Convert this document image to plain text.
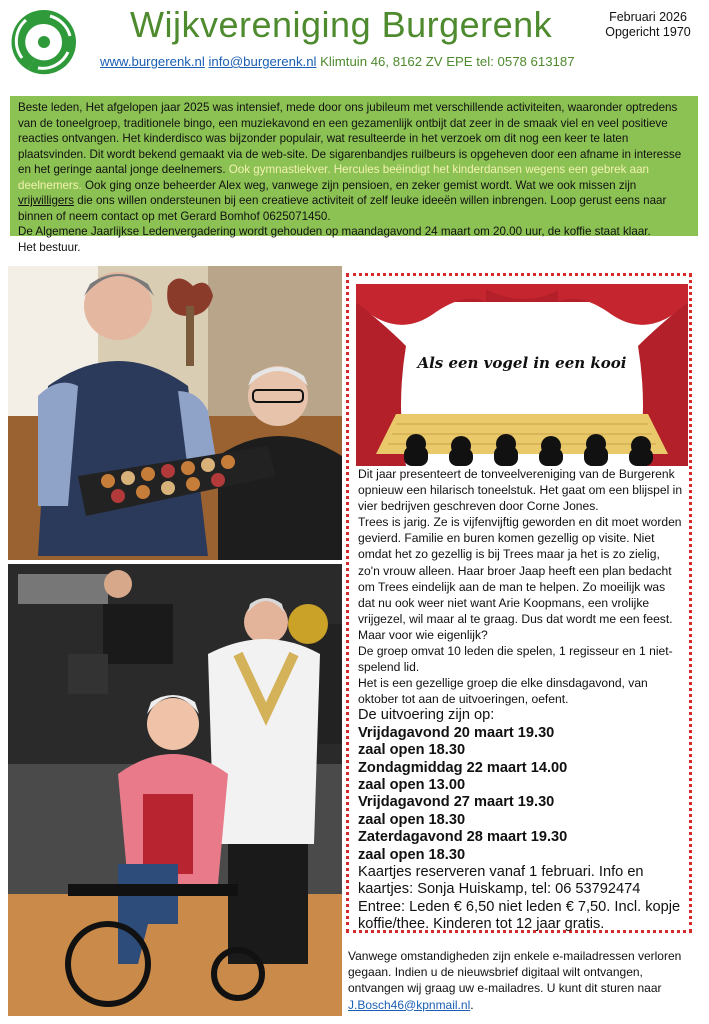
Wijkvereniging Burgerenk	Februari 2026
Opgericht 1970
www.burgerenk.nl info@burgerenk.nl Klimtuin 46, 8162 ZV EPE tel: 0578 613187
Beste leden, Het afgelopen jaar 2025 was intensief, mede door ons jubileum met verschillende activiteiten, waaronder optredens van de toneelgroep, traditionele bingo, een muziekavond en een gezamenlijk ontbijt dat zeer in de smaak viel en veel positieve reacties ontvangen. Het kinderdisco was bijzonder populair, wat resulteerde in het verzoek om dit nog een keer te laten plaatsvinden. Dit wordt bekend gemaakt via de web-site. De sigarenbandjes ruilbeurs is opgeheven door een afname in interesse en het geringe aantal jonge deelnemers. Ook gymnastiekver. Hercules beëindigt het kinderdansen wegens een gebrek aan deelnemers. Ook ging onze beheerder Alex weg, vanwege zijn pensioen, en zeker gemist wordt. Wat we ook missen zijn vrijwilligers die ons willen ondersteunen bij een creatieve activiteit of zelf leuke ideeën willen inbrengen. Loop gerust eens naar binnen of neem contact op met Gerard Bomhof 0625071450.
De Algemene Jaarlijkse Ledenvergadering wordt gehouden op maandagavond 24 maart om 20.00 uur, de koffie staat klaar.
Het bestuur.
Als een vogel in een kooi

Dit jaar presenteert de tonveelvereniging van de Burgerenk opnieuw een hilarisch toneelstuk. Het gaat om een blijspel in vier bedrijven geschreven door Corne Jones.

Trees is jarig. Ze is vijfenvijftig geworden en dit moet worden gevierd. Familie en buren komen gezellig op visite. Niet omdat het zo gezellig is bij Trees maar ja het is zo zielig, zo'n vrouw alleen. Haar broer Jaap heeft een plan bedacht om Trees eindelijk aan de man te helpen. Zo moeilijk was dat nu ook weer niet want Arie Koopmans, een vrolijke vrijgezel, wil maar al te graag. Dus dat wordt me een feest. Maar voor wie eigenlijk?

De groep omvat 10 leden die spelen, 1 regisseur en 1 niet-spelend lid.

Het is een gezellige groep die elke dinsdagavond, van oktober tot aan de uitvoeringen, oefent.

De uitvoering zijn op:
Vrijdagavond 20 maart 19.30
zaal open 18.30
Zondagmiddag 22 maart 14.00
zaal open 13.00
Vrijdagavond 27 maart 19.30
zaal open 18.30
Zaterdagavond 28 maart 19.30
zaal open 18.30
Kaartjes reserveren vanaf 1 februari. Info en kaartjes: Sonja Huiskamp, tel: 06 53792474
Entree: Leden € 6,50 niet leden € 7,50. Incl. kopje koffie/thee. Kinderen tot 12 jaar gratis.
Vanwege omstandigheden zijn enkele e-mailadressen verloren gegaan. Indien u de nieuwsbrief digitaal wilt ontvangen, ontvangen wij graag uw e-mailadres. U kunt dit sturen naar J.Bosch46@kpnmail.nl.
